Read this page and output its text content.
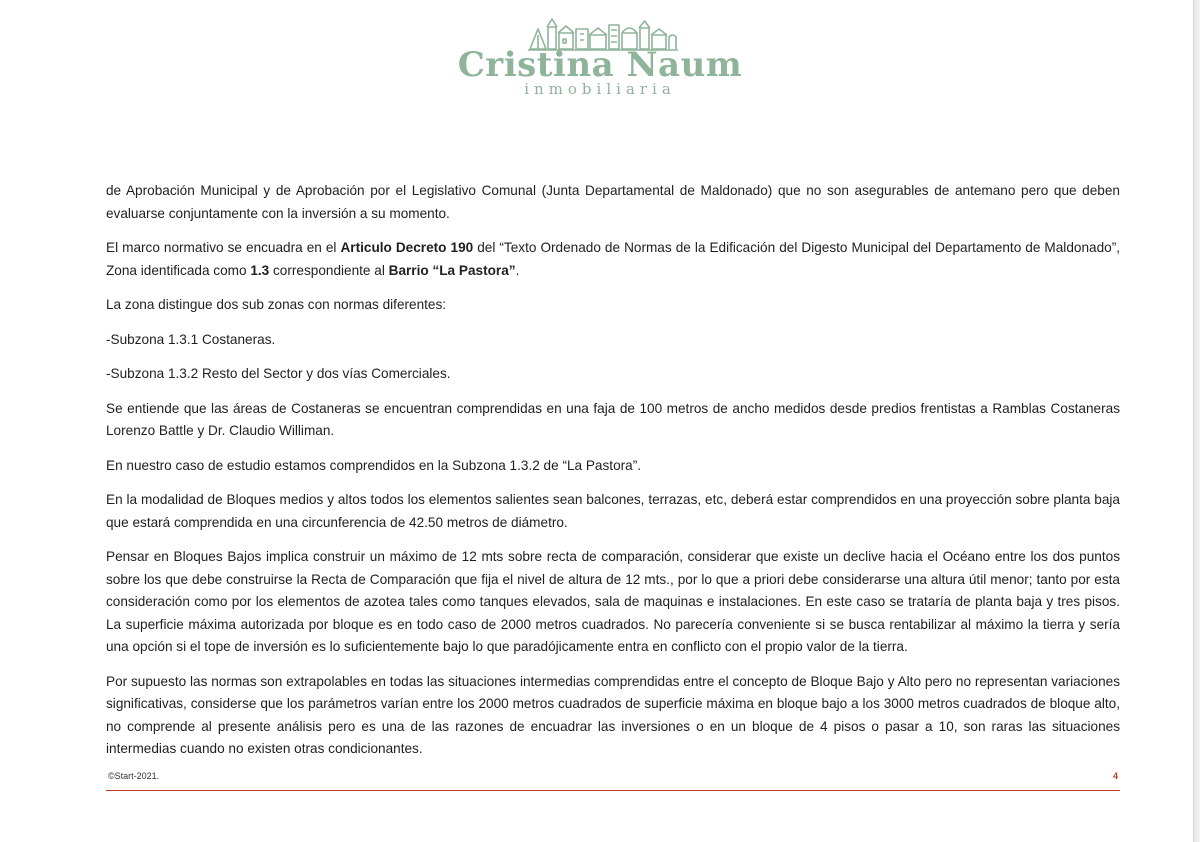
Cristina Naum
inmobiliaria

de Aprobación Municipal y de Aprobación por el Legislativo Comunal (Junta Departamental de Maldonado) que no son asegurables de antemano pero que deben evaluarse conjuntamente con la inversión a su momento.

El marco normativo se encuadra en el Articulo Decreto 190 del “Texto Ordenado de Normas de la Edificación del Digesto Municipal del Departamento de Maldonado”, Zona identificada como 1.3 correspondiente al Barrio “La Pastora”.

La zona distingue dos sub zonas con normas diferentes:

-Subzona 1.3.1 Costaneras.

-Subzona 1.3.2 Resto del Sector y dos vías Comerciales.

Se entiende que las áreas de Costaneras se encuentran comprendidas en una faja de 100 metros de ancho medidos desde predios frentistas a Ramblas Costaneras Lorenzo Battle y Dr. Claudio Williman.

En nuestro caso de estudio estamos comprendidos en la Subzona 1.3.2 de “La Pastora”.

En la modalidad de Bloques medios y altos todos los elementos salientes sean balcones, terrazas, etc, deberá estar comprendidos en una proyección sobre planta baja que estará comprendida en una circunferencia de 42.50 metros de diámetro.

Pensar en Bloques Bajos implica construir un máximo de 12 mts sobre recta de comparación, considerar que existe un declive hacia el Océano entre los dos puntos sobre los que debe construirse la Recta de Comparación que fija el nivel de altura de 12 mts., por lo que a priori debe considerarse una altura útil menor; tanto por esta consideración como por los elementos de azotea tales como tanques elevados, sala de maquinas e instalaciones. En este caso se trataría de planta baja y tres pisos. La superficie máxima autorizada por bloque es en todo caso de 2000 metros cuadrados. No parecería conveniente si se busca rentabilizar al máximo la tierra y sería una opción si el tope de inversión es lo suficientemente bajo lo que paradójicamente entra en conflicto con el propio valor de la tierra.

Por supuesto las normas son extrapolables en todas las situaciones intermedias comprendidas entre el concepto de Bloque Bajo y Alto pero no representan variaciones significativas, considerse que los parámetros varían entre los 2000 metros cuadrados de superficie máxima en bloque bajo a los 3000 metros cuadrados de bloque alto, no comprende al presente análisis pero es una de las razones de encuadrar las inversiones o en un bloque de 4 pisos o pasar a 10, son raras las situaciones intermedias cuando no existen otras condicionantes.

©Start-2021.	4
